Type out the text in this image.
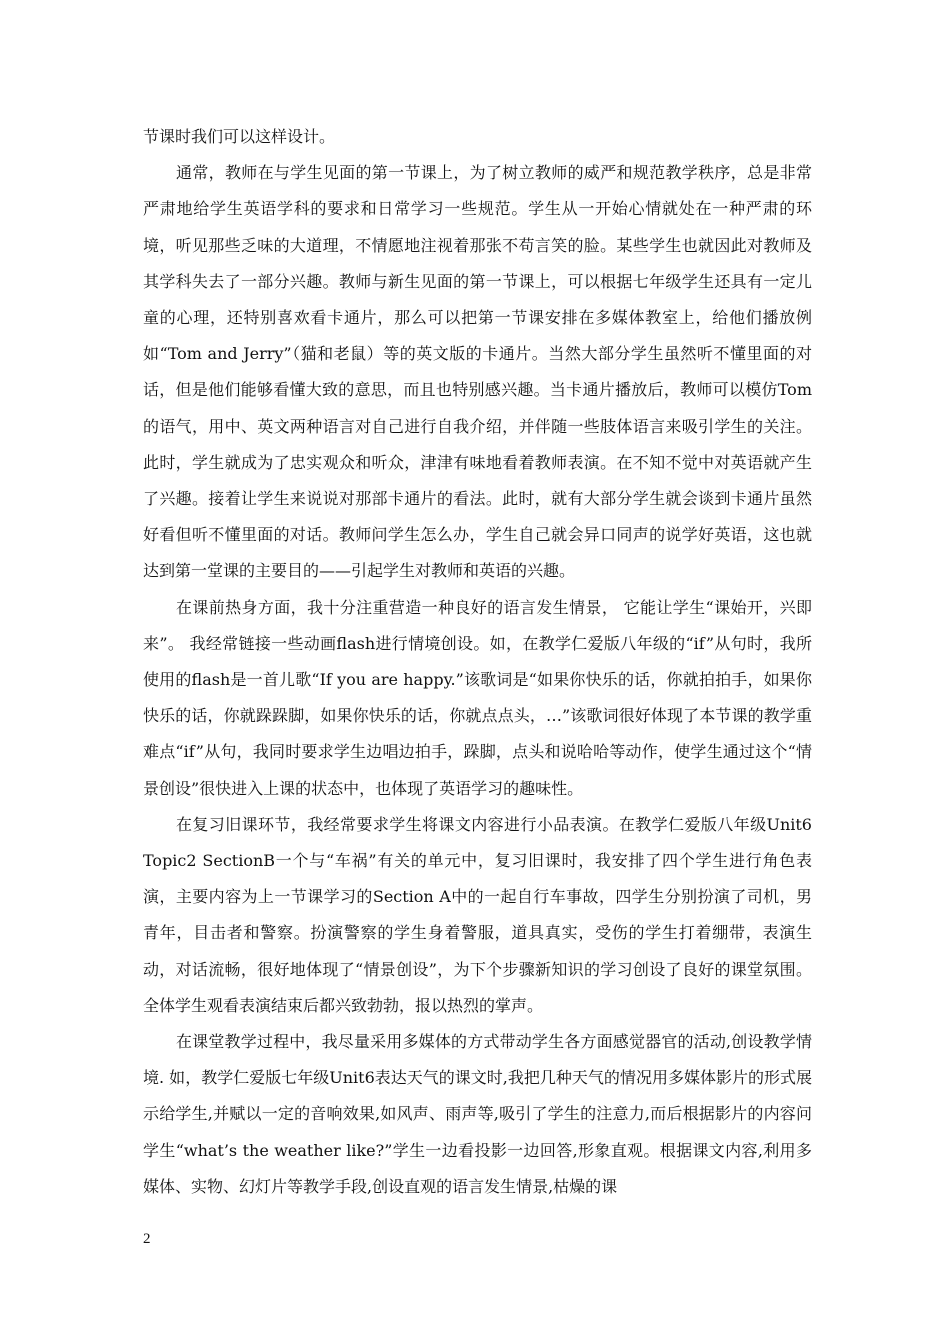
节课时我们可以这样设计。

通常，教师在与学生见面的第一节课上，为了树立教师的威严和规范教学秩序，总是非常严肃地给学生英语学科的要求和日常学习一些规范。学生从一开始心情就处在一种严肃的环境，听见那些乏味的大道理，不情愿地注视着那张不苟言笑的脸。某些学生也就因此对教师及其学科失去了一部分兴趣。教师与新生见面的第一节课上，可以根据七年级学生还具有一定儿童的心理，还特别喜欢看卡通片，那么可以把第一节课安排在多媒体教室上，给他们播放例如“Tom and Jerry”（猫和老鼠）等的英文版的卡通片。当然大部分学生虽然听不懂里面的对话，但是他们能够看懂大致的意思，而且也特别感兴趣。当卡通片播放后，教师可以模仿Tom的语气，用中、英文两种语言对自己进行自我介绍，并伴随一些肢体语言来吸引学生的关注。此时，学生就成为了忠实观众和听众，津津有味地看着教师表演。在不知不觉中对英语就产生了兴趣。接着让学生来说说对那部卡通片的看法。此时，就有大部分学生就会谈到卡通片虽然好看但听不懂里面的对话。教师问学生怎么办，学生自己就会异口同声的说学好英语，这也就达到第一堂课的主要目的——引起学生对教师和英语的兴趣。

在课前热身方面，我十分注重营造一种良好的语言发生情景， 它能让学生“课始开，兴即来”。 我经常链接一些动画flash进行情境创设。如，在教学仁爱版八年级的“if”从句时，我所使用的flash是一首儿歌“If you are happy.”该歌词是“如果你快乐的话，你就拍拍手，如果你快乐的话，你就跺跺脚，如果你快乐的话，你就点点头，…”该歌词很好体现了本节课的教学重难点“if”从句，我同时要求学生边唱边拍手，跺脚，点头和说哈哈等动作，使学生通过这个“情景创设”很快进入上课的状态中，也体现了英语学习的趣味性。

在复习旧课环节，我经常要求学生将课文内容进行小品表演。在教学仁爱版八年级Unit6 Topic2 SectionB一个与“车祸”有关的单元中，复习旧课时，我安排了四个学生进行角色表演，主要内容为上一节课学习的Section A中的一起自行车事故，四学生分别扮演了司机，男青年，目击者和警察。扮演警察的学生身着警服，道具真实，受伤的学生打着绷带，表演生动，对话流畅，很好地体现了“情景创设”，为下个步骤新知识的学习创设了良好的课堂氛围。全体学生观看表演结束后都兴致勃勃，报以热烈的掌声。

在课堂教学过程中，我尽量采用多媒体的方式带动学生各方面感觉器官的活动,创设教学情境. 如，教学仁爱版七年级Unit6表达天气的课文时,我把几种天气的情况用多媒体影片的形式展示给学生,并赋以一定的音响效果,如风声、雨声等,吸引了学生的注意力,而后根据影片的内容问学生“what’s the weather like?”学生一边看投影一边回答,形象直观。根据课文内容,利用多媒体、实物、幻灯片等教学手段,创设直观的语言发生情景,枯燥的课

2
